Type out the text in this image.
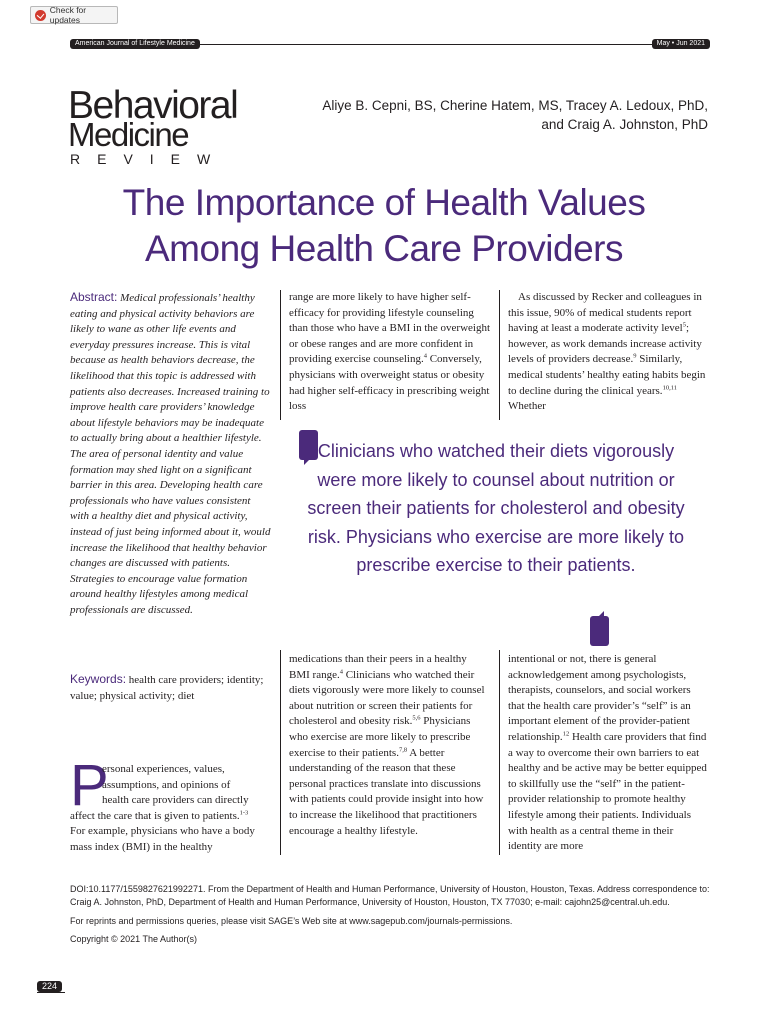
Check for updates
American Journal of Lifestyle Medicine	May • Jun 2021
Behavioral
Medicine
REVIEW
Aliye B. Cepni, BS, Cherine Hatem, MS, Tracey A. Ledoux, PhD,
and Craig A. Johnston, PhD
The Importance of Health Values
Among Health Care Providers
Abstract: Medical professionals’ healthy eating and physical activity behaviors are likely to wane as other life events and everyday pressures increase. This is vital because as health behaviors decrease, the likelihood that this topic is addressed with patients also decreases. Increased training to improve health care providers’ knowledge about lifestyle behaviors may be inadequate to actually bring about a healthier lifestyle. The area of personal identity and value formation may shed light on a significant barrier in this area. Developing health care professionals who have values consistent with a healthy diet and physical activity, instead of just being informed about it, would increase the likelihood that healthy behavior changes are discussed with patients. Strategies to encourage value formation around healthy lifestyles among medical professionals are discussed.
Keywords: health care providers; identity; value; physical activity; diet
P
ersonal experiences, values,
assumptions, and opinions of
health care providers can directly
affect the care that is given to patients.$^{1-3}$
For example, physicians who have a body mass index (BMI) in the healthy
range are more likely to have higher self-efficacy for providing lifestyle counseling than those who have a BMI in the overweight or obese ranges and are more confident in providing exercise counseling.$^4$ Conversely, physicians with overweight status or obesity had higher self-efficacy in prescribing weight loss
As discussed by Recker and colleagues in this issue, 90% of medical students report having at least a moderate activity level$^5$; however, as work demands increase activity levels of providers decrease.$^9$ Similarly, medical students’ healthy eating habits begin to decline during the clinical years.$^{10,11}$ Whether
Clinicians who watched their diets vigorously were more likely to counsel about nutrition or screen their patients for cholesterol and obesity risk. Physicians who exercise are more likely to prescribe exercise to their patients.
medications than their peers in a healthy BMI range.$^4$ Clinicians who watched their diets vigorously were more likely to counsel about nutrition or screen their patients for cholesterol and obesity risk.$^{5,6}$ Physicians who exercise are more likely to prescribe exercise to their patients.$^{7,8}$ A better understanding of the reason that these personal practices translate into discussions with patients could provide insight into how to increase the likelihood that practitioners encourage a healthy lifestyle.
intentional or not, there is general acknowledgement among psychologists, therapists, counselors, and social workers that the health care provider’s “self” is an important element of the provider-patient relationship.$^{12}$ Health care providers that find a way to overcome their own barriers to eat healthy and be active may be better equipped to skillfully use the “self” in the patient-provider relationship to promote healthy lifestyle among their patients. Individuals with health as a central theme in their identity are more
DOI:10.1177/1559827621992271. From the Department of Health and Human Performance, University of Houston, Houston, Texas. Address correspondence to: Craig A. Johnston, PhD, Department of Health and Human Performance, University of Houston, Houston, TX 77030; e-mail: cajohn25@central.uh.edu.
For reprints and permissions queries, please visit SAGE’s Web site at www.sagepub.com/journals-permissions.
Copyright © 2021 The Author(s)
224
